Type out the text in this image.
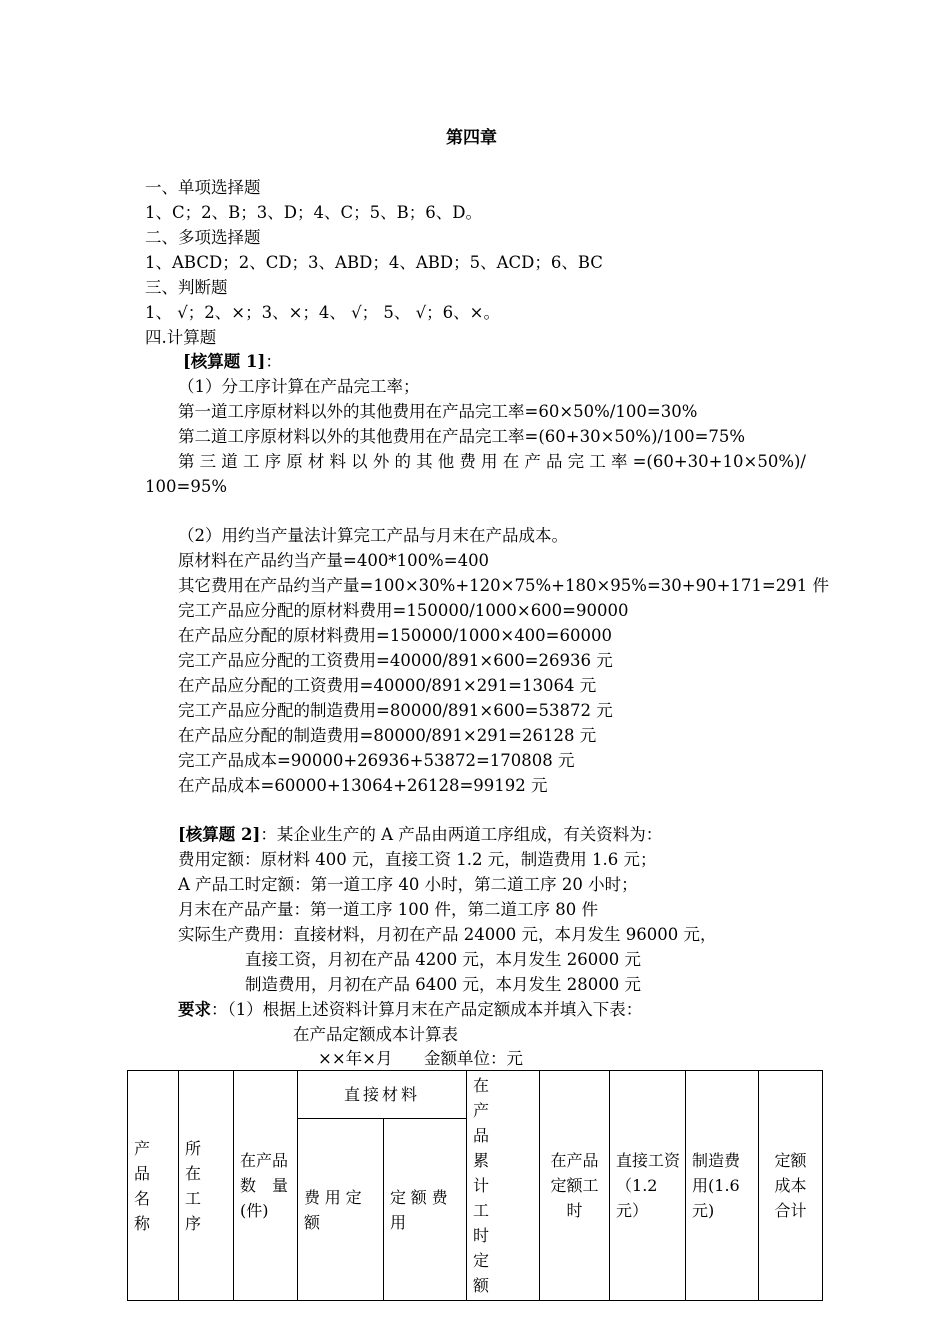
第四章
一、单项选择题
1、C；2、B；3、D；4、C；5、B；6、D。
二、多项选择题
1、ABCD；2、CD；3、ABD；4、ABD；5、ACD；6、BC
三、判断题
1、 √；2、×；3、×；4、 √； 5、 √；6、×。
四.计算题
[核算题 1]：
（1）分工序计算在产品完工率；
第一道工序原材料以外的其他费用在产品完工率=60×50%/100=30%
第二道工序原材料以外的其他费用在产品完工率=(60+30×50%)/100=75%
第三道工序原材料以外的其他费用在产品完工率=(60+30+10×50%)/
100=95%
（2）用约当产量法计算完工产品与月末在产品成本。
原材料在产品约当产量=400*100%=400
其它费用在产品约当产量=100×30%+120×75%+180×95%=30+90+171=291 件
完工产品应分配的原材料费用=150000/1000×600=90000
在产品应分配的原材料费用=150000/1000×400=60000
完工产品应分配的工资费用=40000/891×600=26936 元
在产品应分配的工资费用=40000/891×291=13064 元
完工产品应分配的制造费用=80000/891×600=53872 元
在产品应分配的制造费用=80000/891×291=26128 元
完工产品成本=90000+26936+53872=170808 元
在产品成本=60000+13064+26128=99192 元
[核算题 2]：某企业生产的 A 产品由两道工序组成，有关资料为：
费用定额：原材料 400 元，直接工资 1.2 元，制造费用 1.6 元；
A 产品工时定额：第一道工序 40 小时，第二道工序 20 小时；
月末在产品产量：第一道工序 100 件，第二道工序 80 件
实际生产费用：直接材料，月初在产品 24000 元，本月发生 96000 元，
直接工资，月初在产品 4200 元，本月发生 26000 元
制造费用，月初在产品 6400 元，本月发生 28000 元
要求：（1）根据上述资料计算月末在产品定额成本并填入下表：
在产品定额成本计算表
××年×月      金额单位：元
产品名称	所在工序	在产品数量(件)	直接材料		在产品累计工时定额	在产品定额工时	直接工资（1.2元）	制造费用(1.6元)	定额成本合计

			费用定额	定额费用					
